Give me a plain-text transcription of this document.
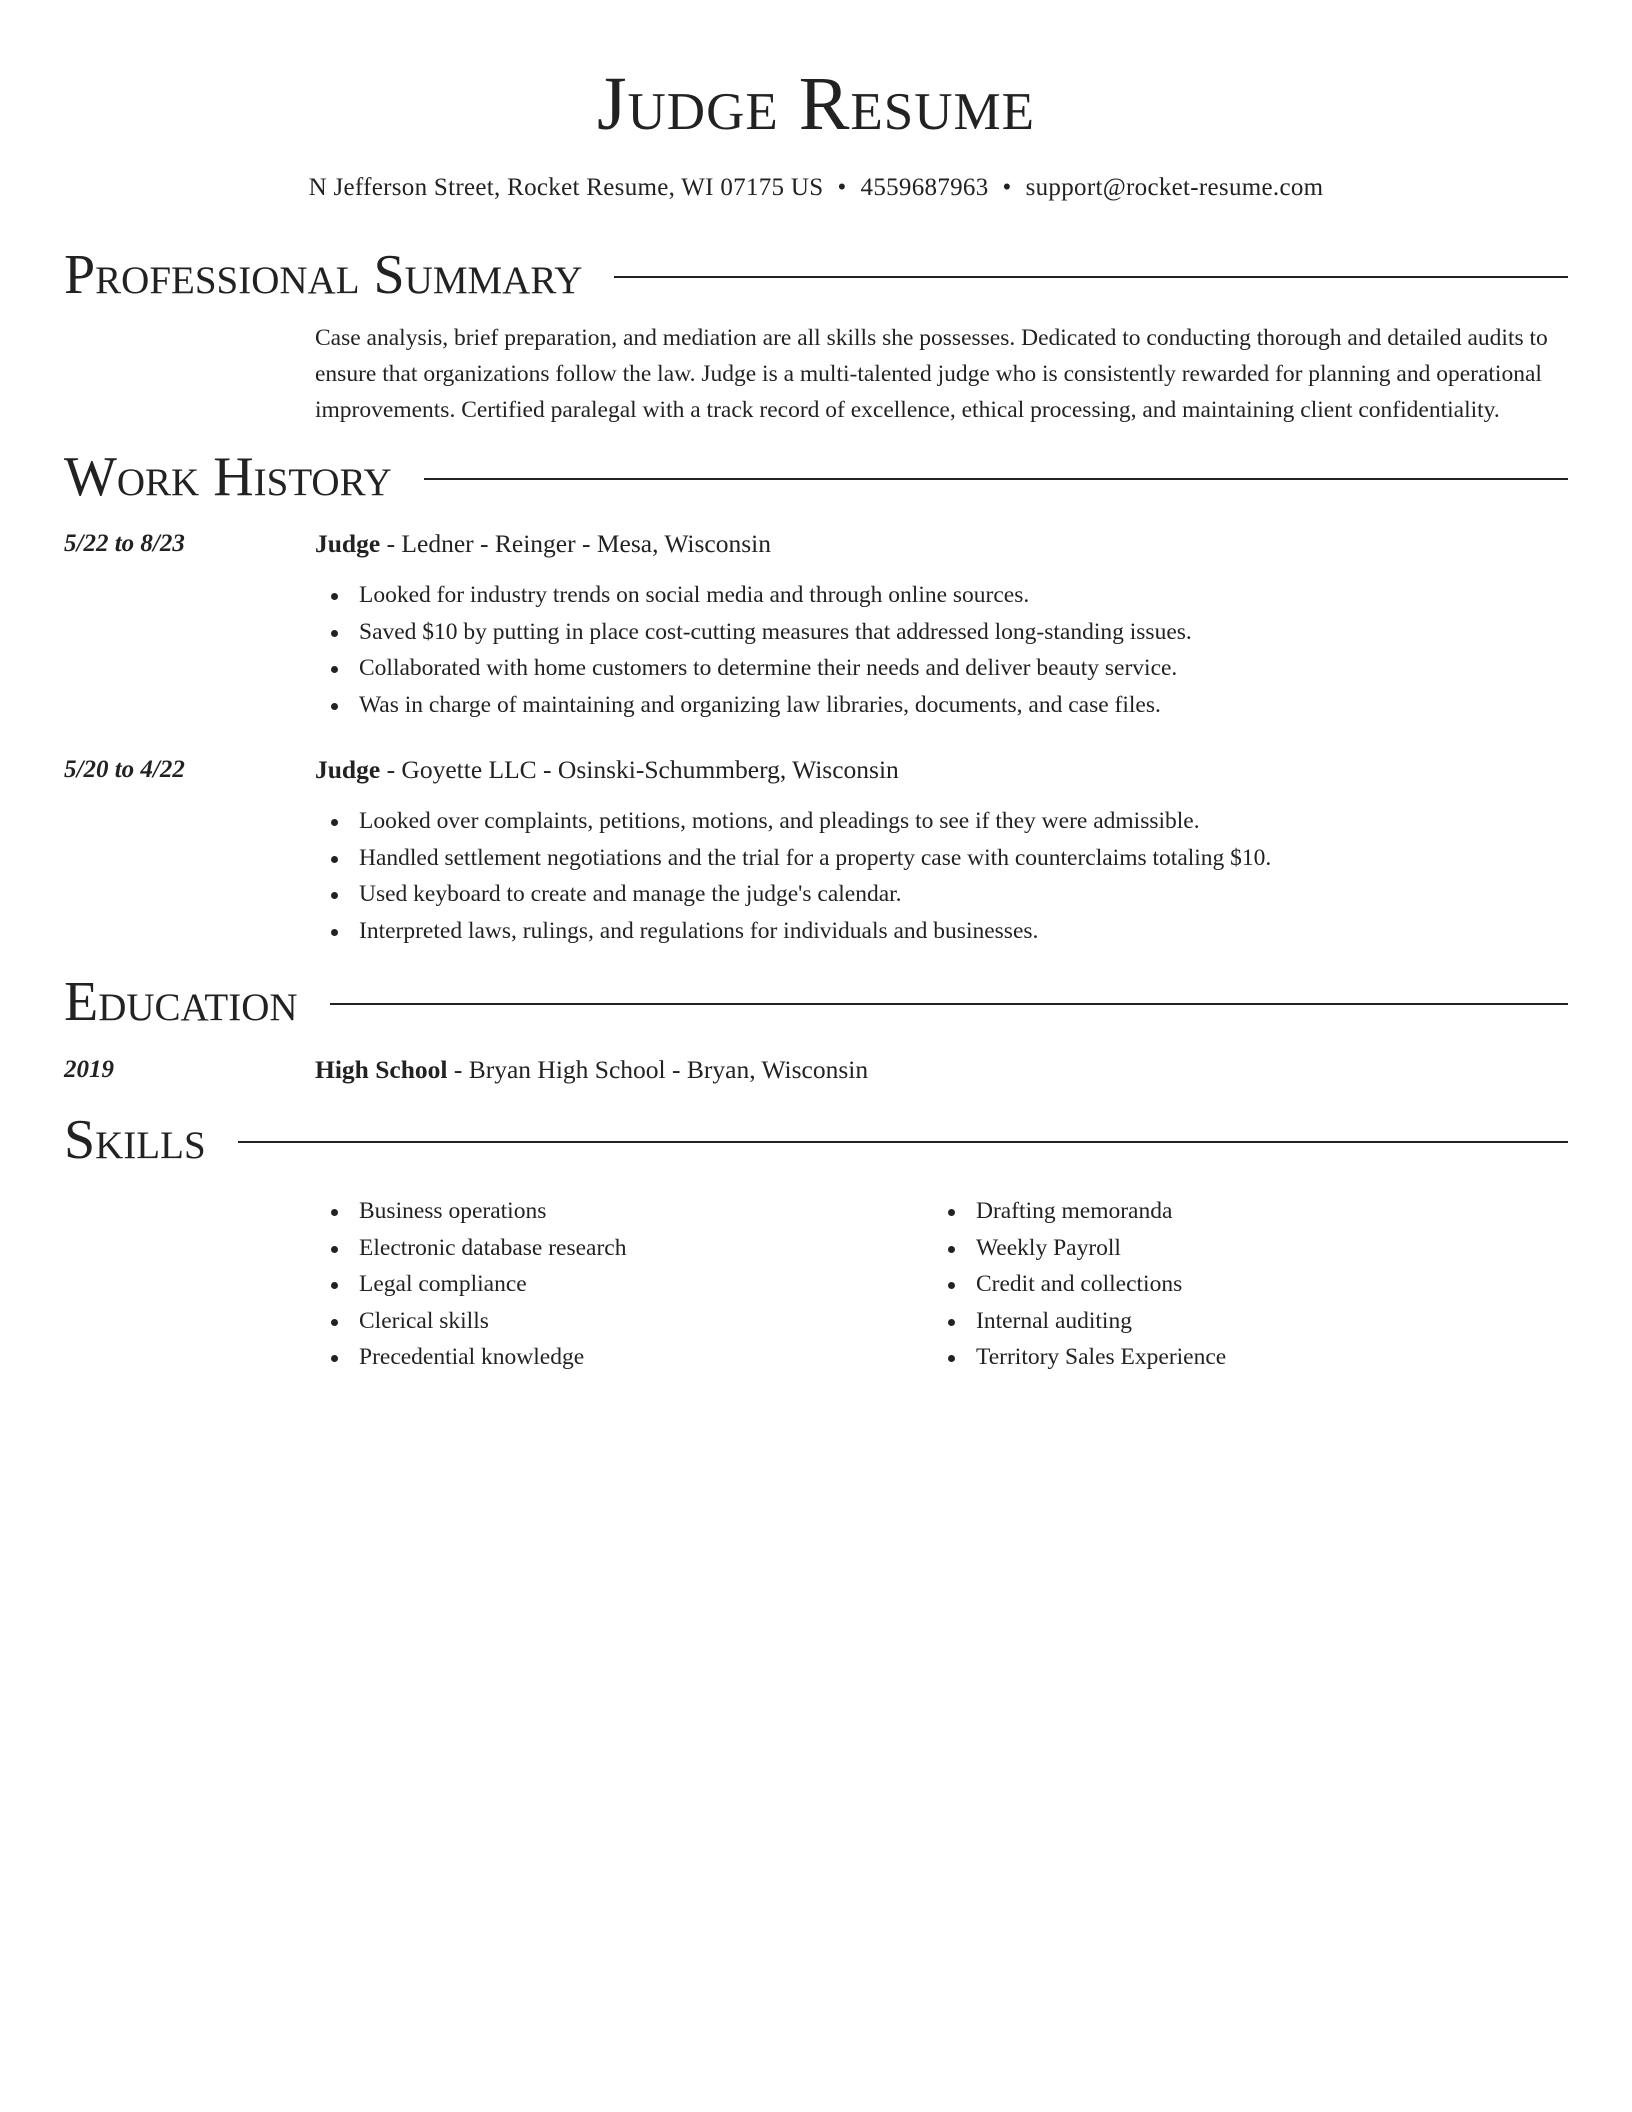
Judge Resume
N Jefferson Street, Rocket Resume, WI 07175 US • 4559687963 • support@rocket-resume.com
Professional Summary
Case analysis, brief preparation, and mediation are all skills she possesses. Dedicated to conducting thorough and detailed audits to ensure that organizations follow the law. Judge is a multi-talented judge who is consistently rewarded for planning and operational improvements. Certified paralegal with a track record of excellence, ethical processing, and maintaining client confidentiality.
Work History
5/22 to 8/23	Judge - Ledner - Reinger - Mesa, Wisconsin
Looked for industry trends on social media and through online sources.
Saved $10 by putting in place cost-cutting measures that addressed long-standing issues.
Collaborated with home customers to determine their needs and deliver beauty service.
Was in charge of maintaining and organizing law libraries, documents, and case files.
5/20 to 4/22	Judge - Goyette LLC - Osinski-Schummberg, Wisconsin
Looked over complaints, petitions, motions, and pleadings to see if they were admissible.
Handled settlement negotiations and the trial for a property case with counterclaims totaling $10.
Used keyboard to create and manage the judge's calendar.
Interpreted laws, rulings, and regulations for individuals and businesses.
Education
2019	High School - Bryan High School - Bryan, Wisconsin
Skills
Business operations
Electronic database research
Legal compliance
Clerical skills
Precedential knowledge
Drafting memoranda
Weekly Payroll
Credit and collections
Internal auditing
Territory Sales Experience
